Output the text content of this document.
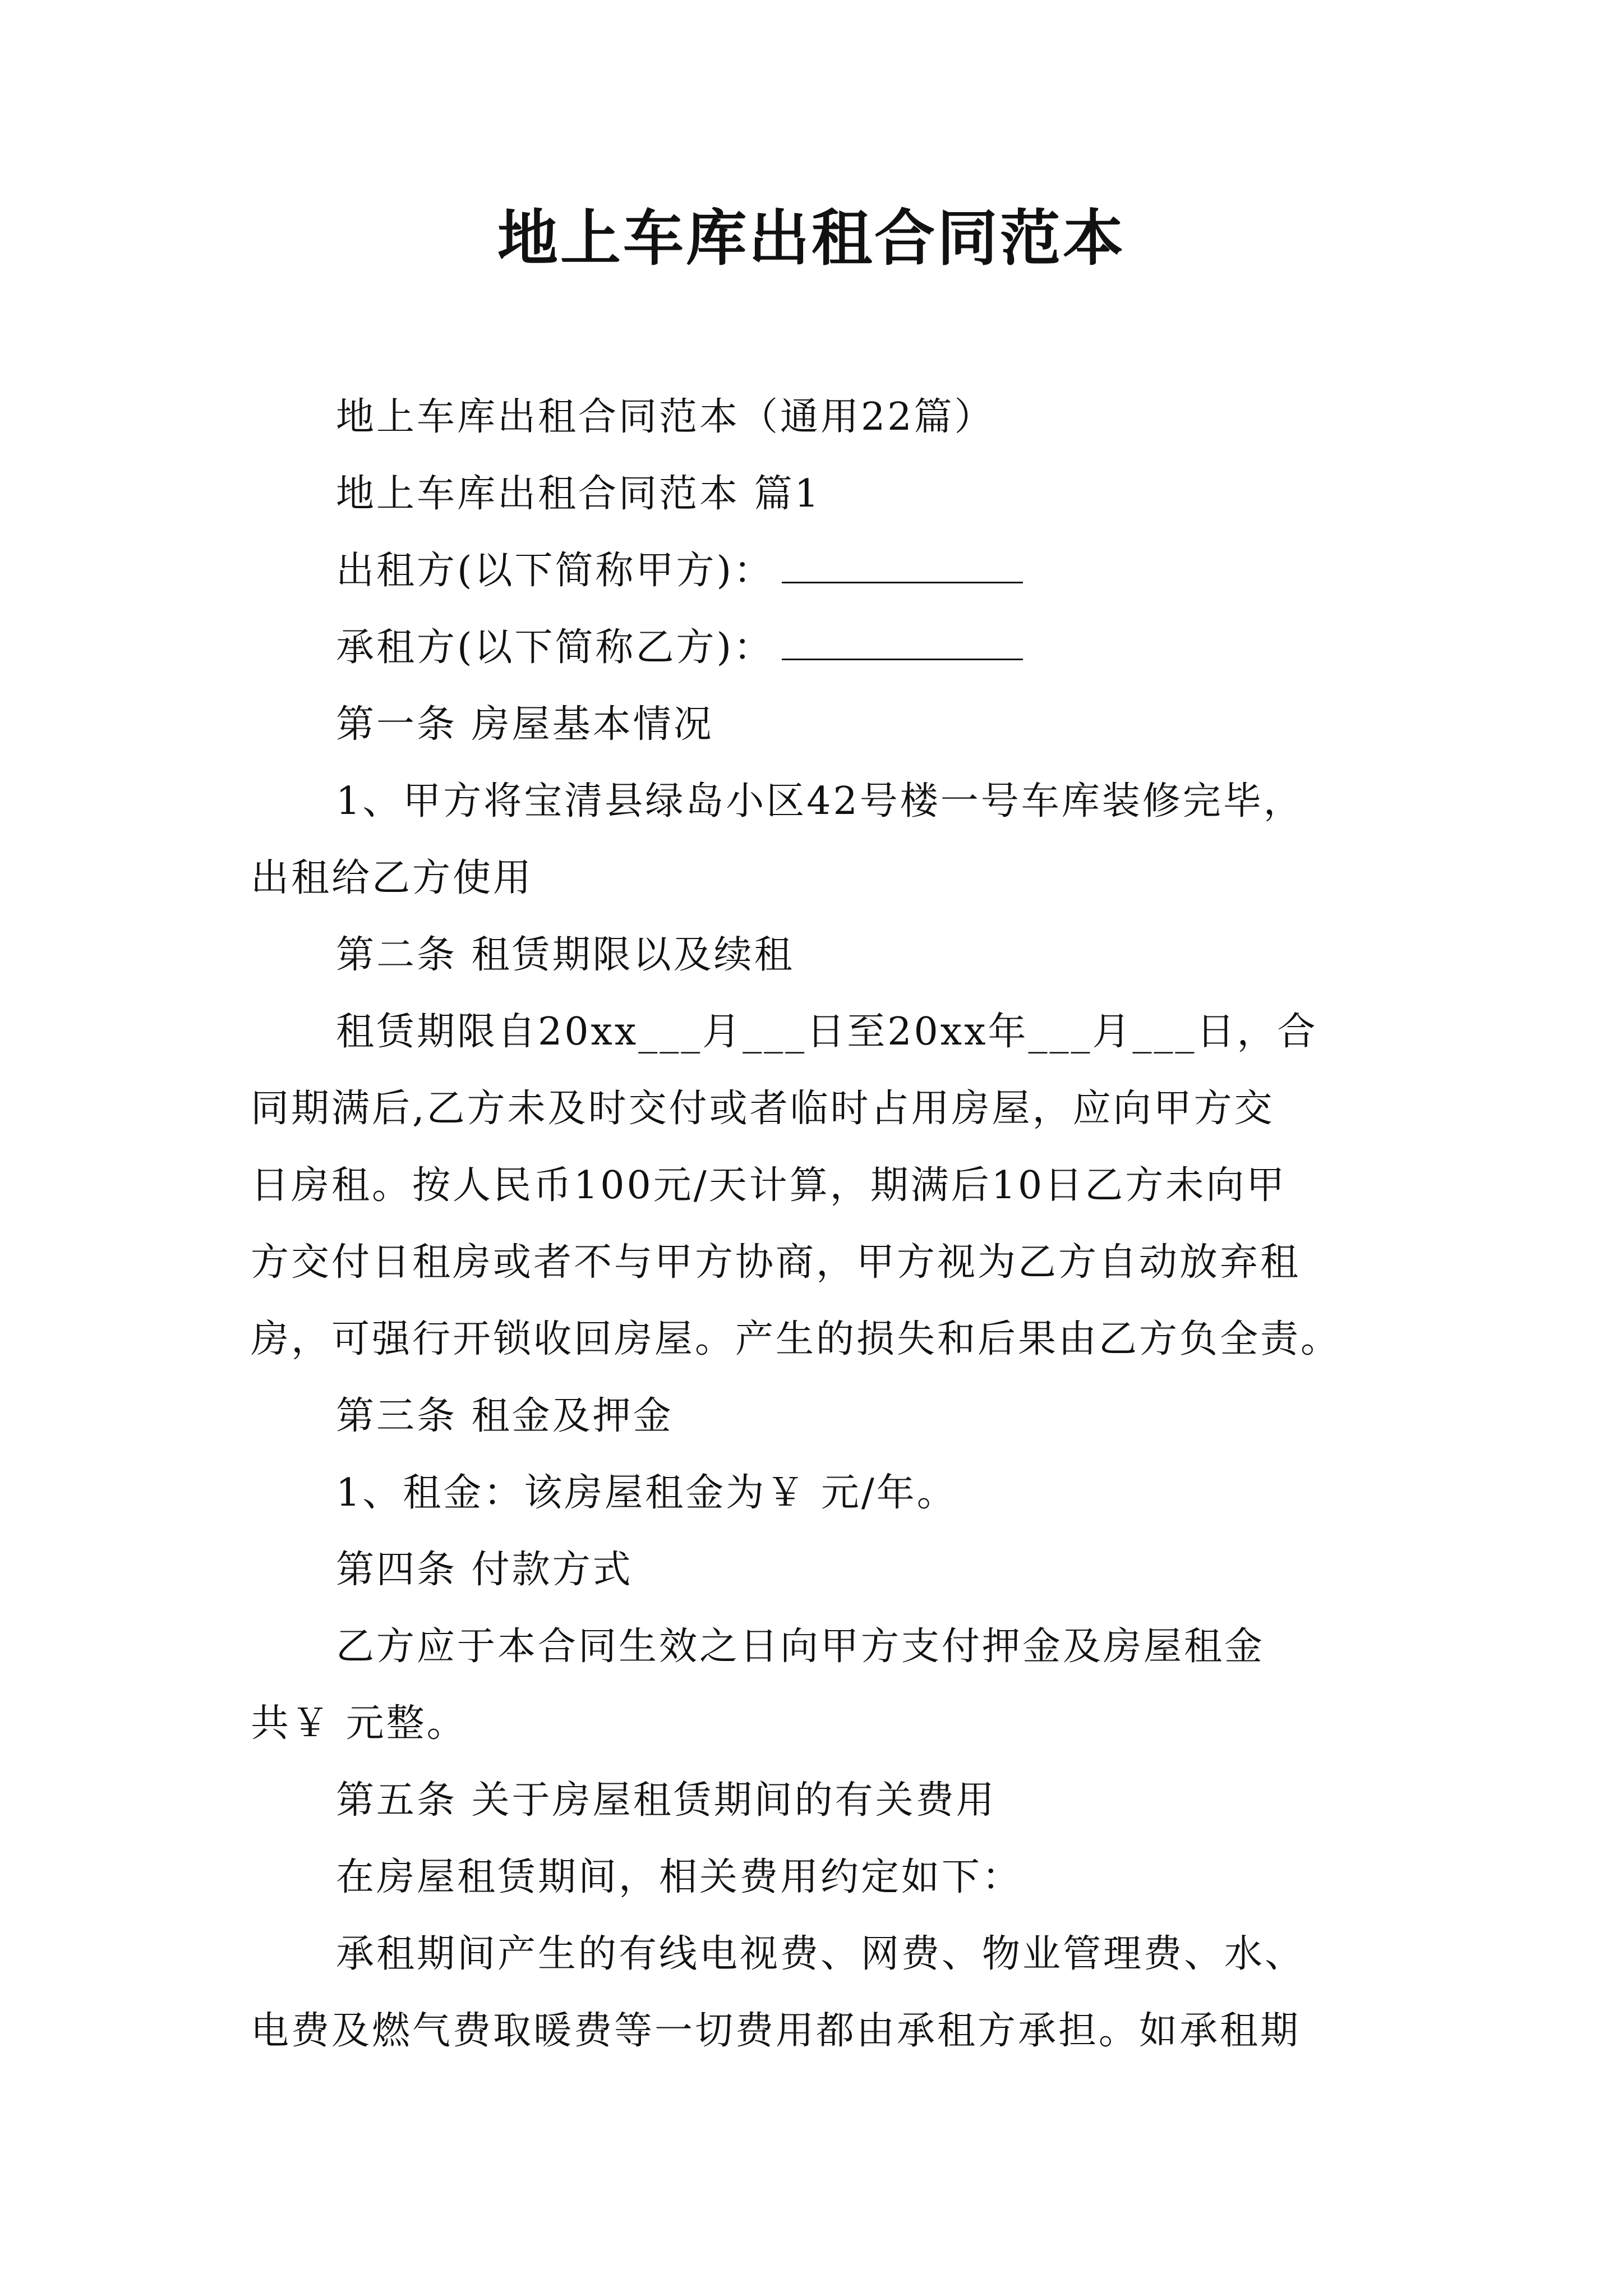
地上车库出租合同范本

地上车库出租合同范本（通用22篇）

地上车库出租合同范本 篇1

出租方(以下简称甲方)：

承租方(以下简称乙方)：

第一条 房屋基本情况

1、甲方将宝清县绿岛小区42号楼一号车库装修完毕，
出租给乙方使用

第二条 租赁期限以及续租

租赁期限自20xx___月___日至20xx年___月___日，合
同期满后,乙方未及时交付或者临时占用房屋，应向甲方交
日房租。按人民币100元/天计算，期满后10日乙方未向甲
方交付日租房或者不与甲方协商，甲方视为乙方自动放弃租
房，可强行开锁收回房屋。产生的损失和后果由乙方负全责。

第三条 租金及押金

1、租金：该房屋租金为￥ 元/年。

第四条 付款方式

乙方应于本合同生效之日向甲方支付押金及房屋租金
共￥ 元整。

第五条 关于房屋租赁期间的有关费用

在房屋租赁期间，相关费用约定如下：

承租期间产生的有线电视费、网费、物业管理费、水、
电费及燃气费取暖费等一切费用都由承租方承担。如承租期
